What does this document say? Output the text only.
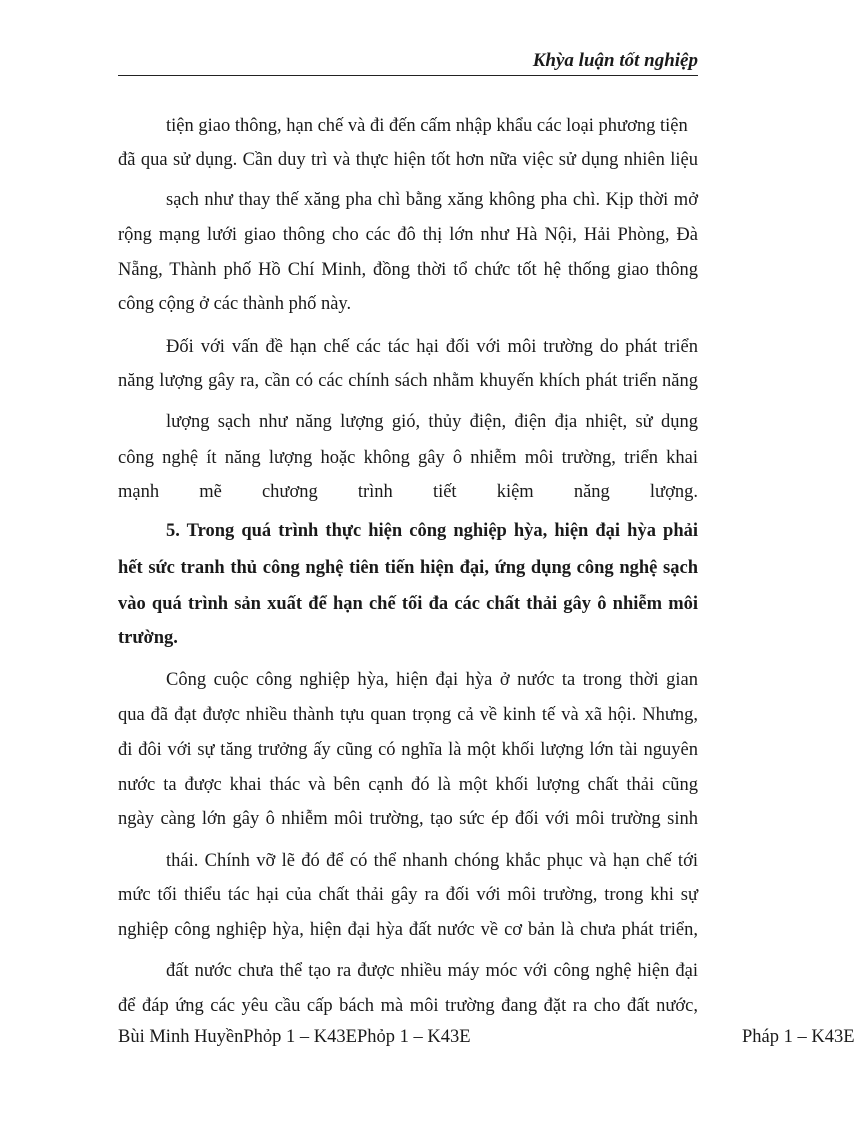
Khỳa luận tốt nghiệp
tiện giao thông, hạn chế và đi đến cấm nhập khẩu các loại phương tiện
đã qua sử dụng. Cần duy trì và thực hiện tốt hơn nữa việc sử dụng nhiên liệu
sạch như thay thế xăng pha chì bằng xăng không pha chì. Kịp thời mở
rộng mạng lưới giao thông cho các đô thị lớn như Hà Nội, Hải Phòng, Đà
Nẵng, Thành phố Hồ Chí Minh, đồng thời tổ chức tốt hệ thống giao thông
công cộng ở các thành phố này.
Đối với vấn đề hạn chế các tác hại đối với môi trường do phát triển
năng lượng gây ra, cần có các chính sách nhằm khuyến khích phát triển năng
lượng sạch như năng lượng gió, thủy điện, điện địa nhiệt, sử dụng
công nghệ ít năng lượng hoặc không gây ô nhiễm môi trường, triển khai
mạnh mẽ chương trình tiết kiệm năng lượng.
5. Trong quá trình thực hiện công nghiệp hỳa, hiện đại hỳa phải
hết sức tranh thủ công nghệ tiên tiến hiện đại, ứng dụng công nghệ sạch
vào quá trình sản xuất để hạn chế tối đa các chất thải gây ô nhiễm môi
trường.
Công cuộc công nghiệp hỳa, hiện đại hỳa ở nước ta trong thời gian
qua đã đạt được nhiều thành tựu quan trọng cả về kinh tế và xã hội. Nhưng,
đi đôi với sự tăng trưởng ấy cũng có nghĩa là một khối lượng lớn tài nguyên
nước ta được khai thác và bên cạnh đó là một khối lượng chất thải cũng
ngày càng lớn gây ô nhiễm môi trường, tạo sức ép đối với môi trường sinh
thái. Chính vỡ lẽ đó để có thể nhanh chóng khắc phục và hạn chế tới
mức tối thiểu tác hại của chất thải gây ra đối với môi trường, trong khi sự
nghiệp công nghiệp hỳa, hiện đại hỳa đất nước về cơ bản là chưa phát triển,
đất nước chưa thể tạo ra được nhiều máy móc với công nghệ hiện đại
để đáp ứng các yêu cầu cấp bách mà môi trường đang đặt ra cho đất nước,
Bùi Minh HuyềnPhỏp 1 – K43EPhỏp 1 – K43E	Pháp 1 – K43E
